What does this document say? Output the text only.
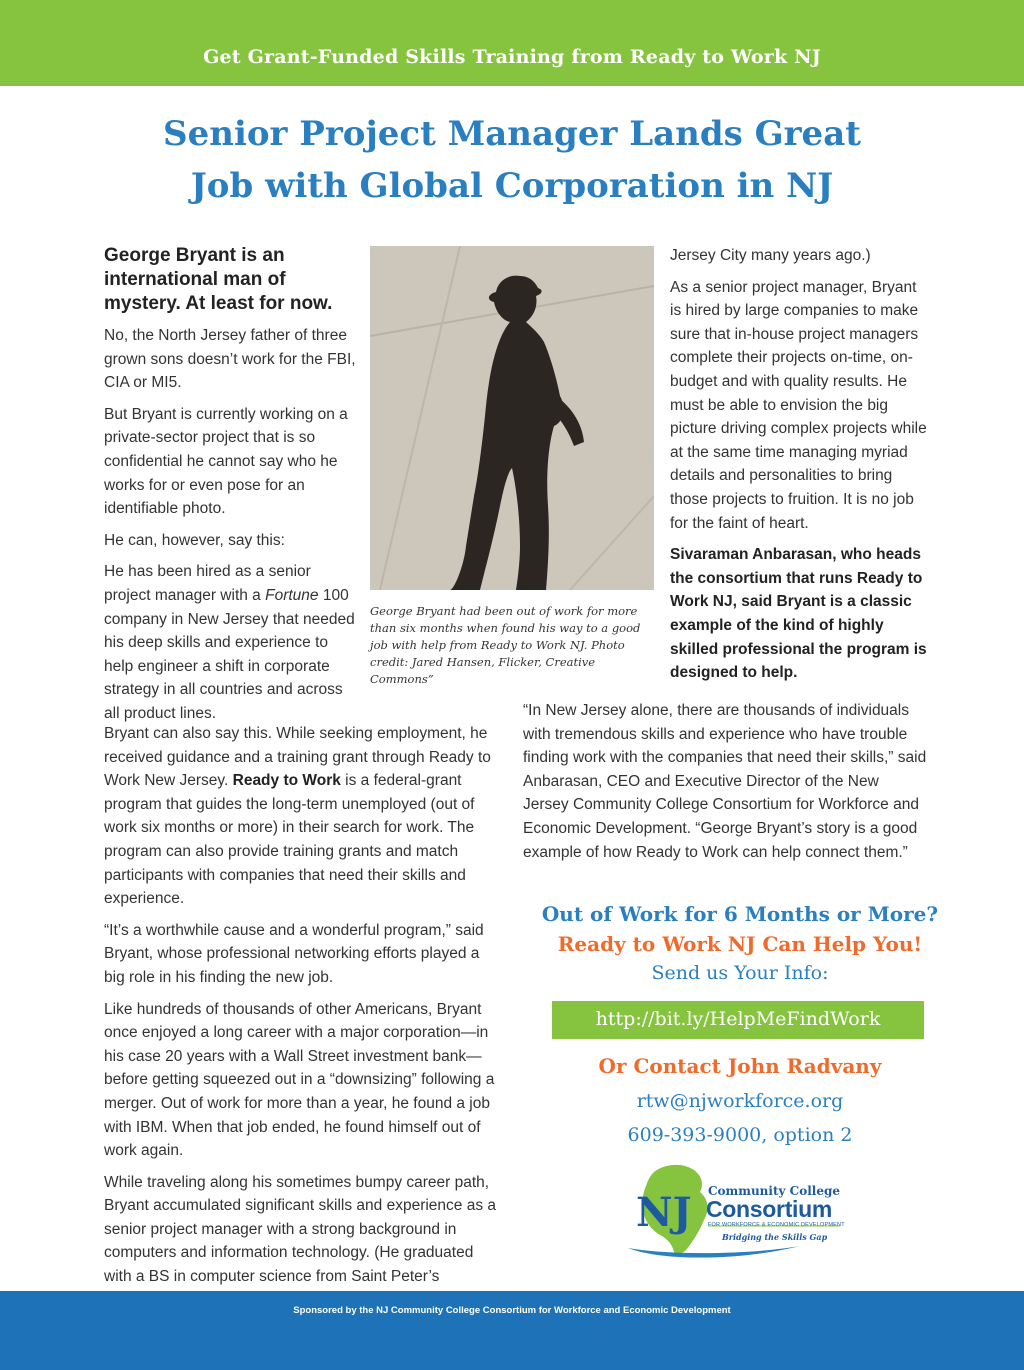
Get Grant-Funded Skills Training from Ready to Work NJ
Senior Project Manager Lands Great
Job with Global Corporation in NJ

George Bryant is an international man of mystery. At least for now.

No, the North Jersey father of three grown sons doesn’t work for the FBI, CIA or MI5.

But Bryant is currently working on a private-sector project that is so confidential he cannot say who he works for or even pose for an identifiable photo.

He can, however, say this:

He has been hired as a senior project manager with a Fortune 100 company in New Jersey that needed his deep skills and experience to help engineer a shift in corporate strategy in all countries and across all product lines.

Bryant can also say this. While seeking employment, he received guidance and a training grant through Ready to Work New Jersey. Ready to Work is a federal-grant program that guides the long-term unemployed (out of work six months or more) in their search for work. The program can also provide training grants and match participants with companies that need their skills and experience.

“It’s a worthwhile cause and a wonderful program,” said Bryant, whose professional networking efforts played a big role in his finding the new job.

Like hundreds of thousands of other Americans, Bryant once enjoyed a long career with a major corporation—in his case 20 years with a Wall Street investment bank—before getting squeezed out in a “downsizing” following a merger. Out of work for more than a year, he found a job with IBM. When that job ended, he found himself out of work again.

While traveling along his sometimes bumpy career path, Bryant accumulated significant skills and experience as a senior project manager with a strong background in computers and information technology. (He graduated with a BS in computer science from Saint Peter’s

George Bryant had been out of work for more than six months when found his way to a good job with help from Ready to Work NJ. Photo credit: Jared Hansen, Flicker, Creative Commons”

Jersey City many years ago.)

As a senior project manager, Bryant is hired by large companies to make sure that in-house project managers complete their projects on-time, on-budget and with quality results. He must be able to envision the big picture driving complex projects while at the same time managing myriad details and personalities to bring those projects to fruition. It is no job for the faint of heart.

Sivaraman Anbarasan, who heads the consortium that runs Ready to Work NJ, said Bryant is a classic example of the kind of highly skilled professional the program is designed to help.

“In New Jersey alone, there are thousands of individuals with tremendous skills and experience who have trouble finding work with the companies that need their skills,” said Anbarasan, CEO and Executive Director of the New Jersey Community College Consortium for Workforce and Economic Development. “George Bryant’s story is a good example of how Ready to Work can help connect them.”

Out of Work for 6 Months or More?
Ready to Work NJ Can Help You!
Send us Your Info:
http://bit.ly/HelpMeFindWork
Or Contact John Radvany
rtw@njworkforce.org
609-393-9000, option 2
NJ Community College
Consortium
FOR WORKFORCE & ECONOMIC DEVELOPMENT
Bridging the Skills Gap
Sponsored by the NJ Community College Consortium for Workforce and Economic Development
